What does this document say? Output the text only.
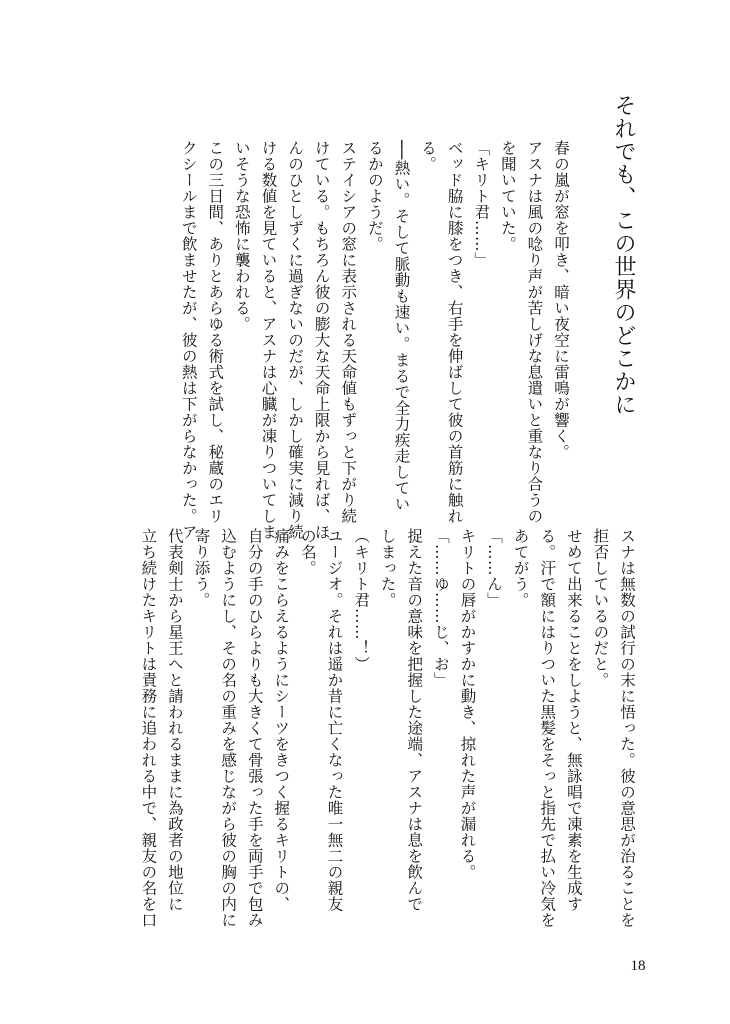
それでも、この世界のどこかに
春の嵐が窓を叩き、暗い夜空に雷鳴が響く。
アスナは風の唸り声が苦しげな息遣いと重なり合うの
を聞いていた。
「キリト君……」
ベッド脇に膝をつき、右手を伸ばして彼の首筋に触れ
る。
──熱い。そして脈動も速い。まるで全力疾走してい
るかのようだ。
ステイシアの窓に表示される天命値もずっと下がり続
けている。もちろん彼の膨大な天命上限から見れば、ほ
んのひとしずくに過ぎないのだが、しかし確実に減り続
ける数値を見ていると、アスナは心臓が凍りついてしま
いそうな恐怖に襲われる。
この三日間、ありとあらゆる術式を試し、秘蔵のエリ
クシールまで飲ませたが、彼の熱は下がらなかった。ア
スナは無数の試行の末に悟った。彼の意思が治ることを
拒否しているのだと。
せめて出来ることをしようと、無詠唱で凍素を生成す
る。汗で額にはりついた黒髪をそっと指先で払い冷気を
あてがう。
「……ん」
キリトの唇がかすかに動き、掠れた声が漏れる。
「……ゆ……じ、お」
捉えた音の意味を把握した途端、アスナは息を飲んで
しまった。
（キリト君……！）
ユージオ。それは遥か昔に亡くなった唯一無二の親友
の名。
痛みをこらえるようにシーツをきつく握るキリトの、
自分の手のひらよりも大きくて骨張った手を両手で包み
込むようにし、その名の重みを感じながら彼の胸の内に
寄り添う。
代表剣士から星王へと請われるままに為政者の地位に
立ち続けたキリトは責務に追われる中で、親友の名を口
18
